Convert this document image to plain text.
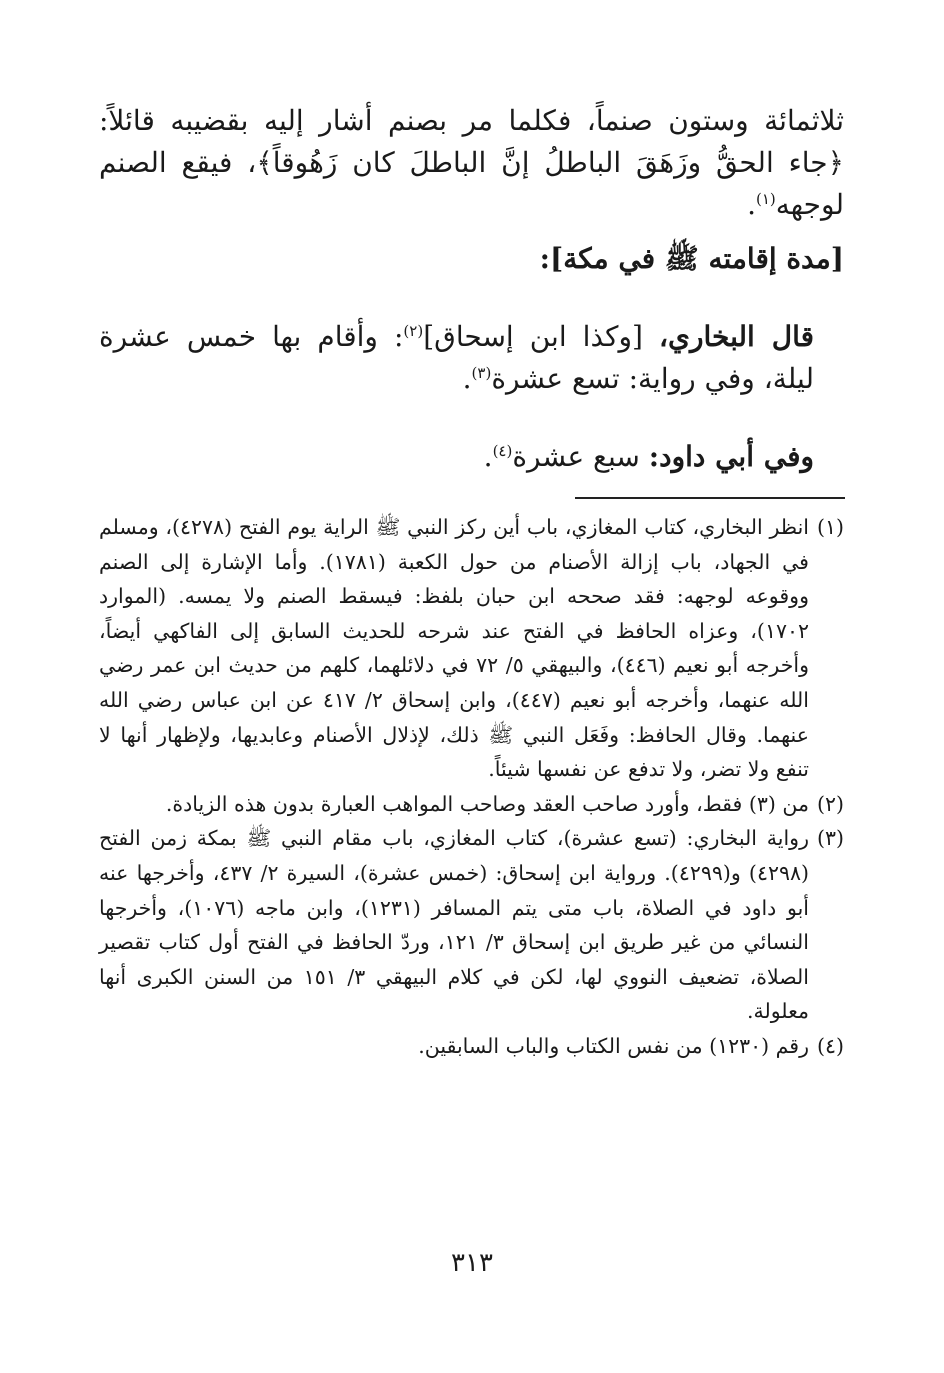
ثلاثمائة وستون صنماً، فكلما مر بصنم أشار إليه بقضيبه قائلاً: ﴿جاء الحقُّ وزَهَقَ الباطلُ إنَّ الباطلَ كان زَهُوقاً﴾، فيقع الصنم لوجهه$^{(١)}$.

[مدة إقامته ﷺ في مكة]:

قال البخاري، [وكذا ابن إسحاق]$^{(٢)}$: وأقام بها خمس عشرة ليلة، وفي رواية: تسع عشرة$^{(٣)}$.

وفي أبي داود: سبع عشرة$^{(٤)}$.

(١)
انظر البخاري، كتاب المغازي، باب أين ركز النبي ﷺ الراية يوم الفتح (٤٢٧٨)، ومسلم في الجهاد، باب إزالة الأصنام من حول الكعبة (١٧٨١). وأما الإشارة إلى الصنم ووقوعه لوجهه: فقد صححه ابن حبان بلفظ: فيسقط الصنم ولا يمسه. (الموارد ١٧٠٢)، وعزاه الحافظ في الفتح عند شرحه للحديث السابق إلى الفاكهي أيضاً، وأخرجه أبو نعيم (٤٤٦)، والبيهقي ٥/ ٧٢ في دلائلهما، كلهم من حديث ابن عمر رضي الله عنهما، وأخرجه أبو نعيم (٤٤٧)، وابن إسحاق ٢/ ٤١٧ عن ابن عباس رضي الله عنهما. وقال الحافظ: وفَعَل النبي ﷺ ذلك، لإذلال الأصنام وعابديها، ولإظهار أنها لا تنفع ولا تضر، ولا تدفع عن نفسها شيئاً.
(٢)
من (٣) فقط، وأورد صاحب العقد وصاحب المواهب العبارة بدون هذه الزيادة.
(٣)
رواية البخاري: (تسع عشرة)، كتاب المغازي، باب مقام النبي ﷺ بمكة زمن الفتح (٤٢٩٨) و(٤٢٩٩). ورواية ابن إسحاق: (خمس عشرة)، السيرة ٢/ ٤٣٧، وأخرجها عنه أبو داود في الصلاة، باب متى يتم المسافر (١٢٣١)، وابن ماجه (١٠٧٦)، وأخرجها النسائي من غير طريق ابن إسحاق ٣/ ١٢١، وردّ الحافظ في الفتح أول كتاب تقصير الصلاة، تضعيف النووي لها، لكن في كلام البيهقي ٣/ ١٥١ من السنن الكبرى أنها معلولة.
(٤)
رقم (١٢٣٠) من نفس الكتاب والباب السابقين.
٣١٣
